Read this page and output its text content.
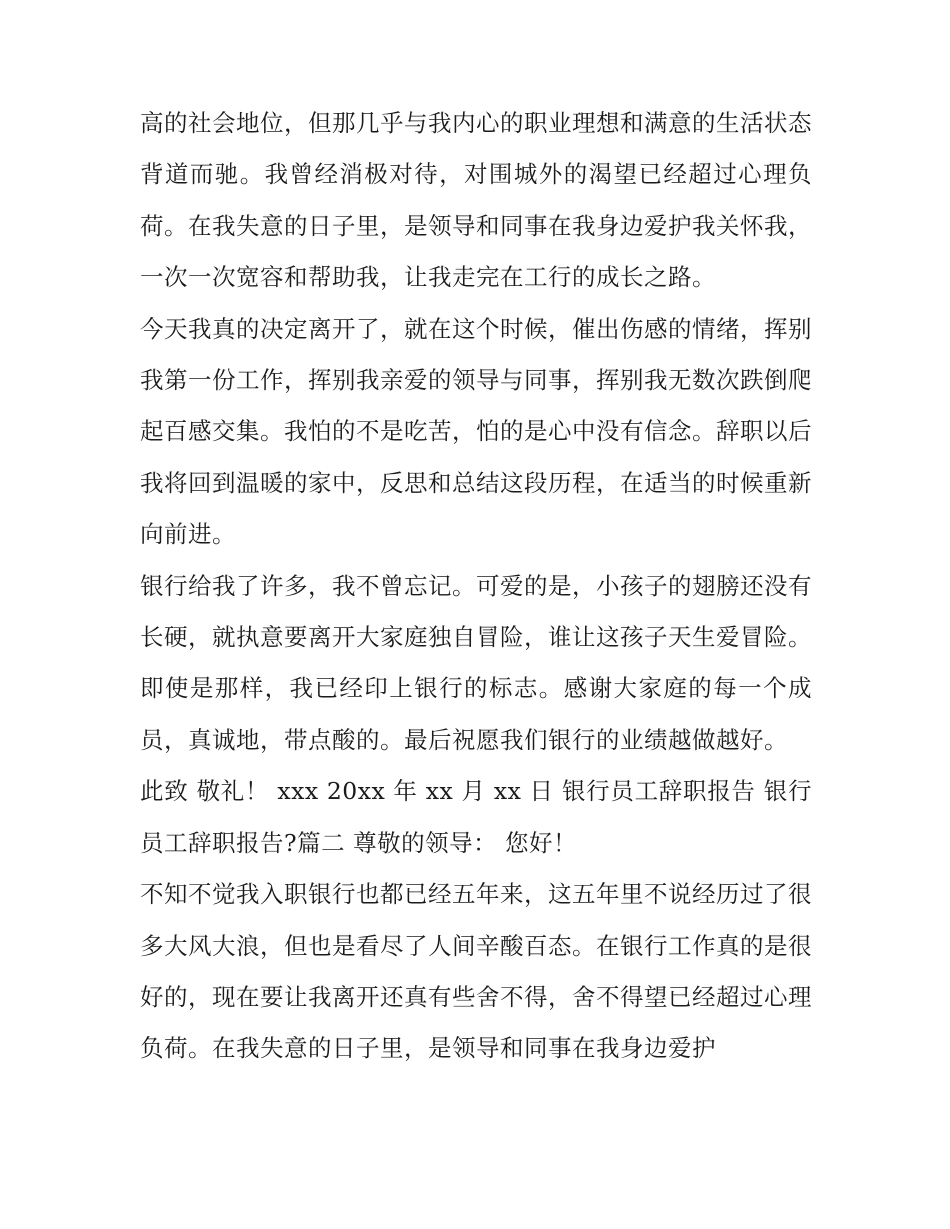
高的社会地位，但那几乎与我内心的职业理想和满意的生活状态背道而驰。我曾经消极对待，对围城外的渴望已经超过心理负荷。在我失意的日子里，是领导和同事在我身边爱护我关怀我，一次一次宽容和帮助我，让我走完在工行的成长之路。

今天我真的决定离开了，就在这个时候，催出伤感的情绪，挥别我第一份工作，挥别我亲爱的领导与同事，挥别我无数次跌倒爬起百感交集。我怕的不是吃苦，怕的是心中没有信念。辞职以后我将回到温暖的家中，反思和总结这段历程，在适当的时候重新向前进。

银行给我了许多，我不曾忘记。可爱的是，小孩子的翅膀还没有长硬，就执意要离开大家庭独自冒险，谁让这孩子天生爱冒险。即使是那样，我已经印上银行的标志。感谢大家庭的每一个成员，真诚地，带点酸的。最后祝愿我们银行的业绩越做越好。

此致 敬礼！ xxx 20xx 年 xx 月 xx 日 银行员工辞职报告 银行员工辞职报告?篇二 尊敬的领导： 您好！

不知不觉我入职银行也都已经五年来，这五年里不说经历过了很多大风大浪，但也是看尽了人间辛酸百态。在银行工作真的是很好的，现在要让我离开还真有些舍不得，舍不得望已经超过心理负荷。在我失意的日子里，是领导和同事在我身边爱护
